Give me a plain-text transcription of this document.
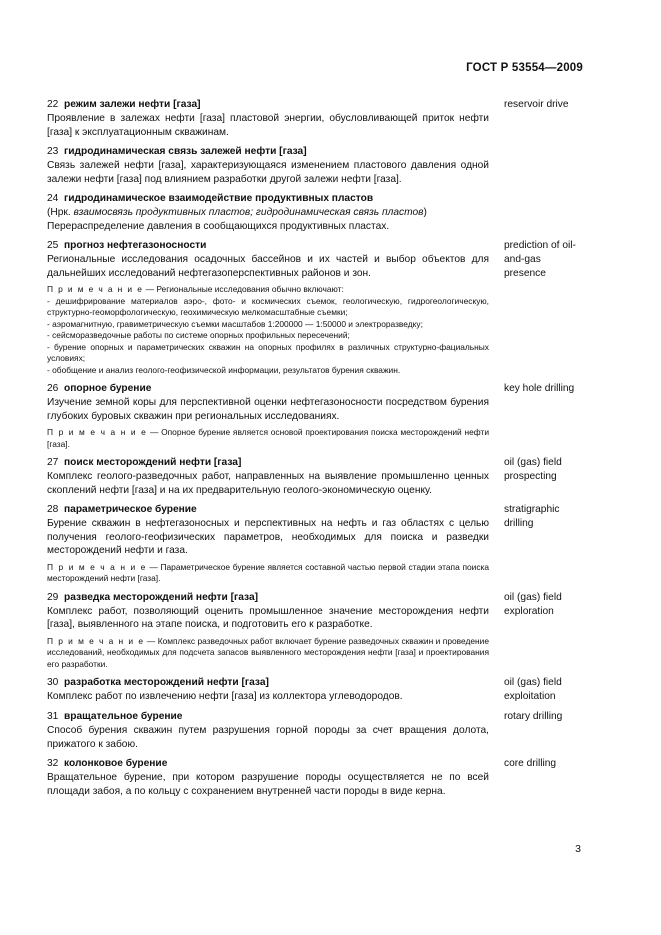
ГОСТ Р 53554—2009
22 режим залежи нефти [газа]

Проявление в залежах нефти [газа] пластовой энергии, обусловливающей приток нефти [газа] к эксплуатационным скважинам.

reservoir drive
23 гидродинамическая связь залежей нефти [газа]

Связь залежей нефти [газа], характеризующаяся изменением пластового давления одной залежи нефти [газа] под влиянием разработки другой залежи нефти [газа].

24 гидродинамическое взаимодействие продуктивных пластов

(Нрк. взаимосвязь продуктивных пластов; гидродинамическая связь пластов)

Перераспределение давления в сообщающихся продуктивных пластах.

25 прогноз нефтегазоносности

Региональные исследования осадочных бассейнов и их частей и выбор объектов для дальнейших исследований нефтегазоперспективных районов и зон.

П р и м е ч а н и е — Региональные исследования обычно включают:

- дешифрирование материалов аэро-, фото- и космических съемок, геологическую, гидрогеологическую, структурно-геоморфологическую, геохимическую мелкомасштабные съемки;

- аэромагнитную, гравиметрическую съемки масштабов 1:200000 — 1:50000 и электроразведку;

- сейсморазведочные работы по системе опорных профильных пересечений;

- бурение опорных и параметрических скважин на опорных профилях в различных структурно-фациальных условиях;

- обобщение и анализ геолого-геофизической информации, результатов бурения скважин.

prediction of oil-and-gas presence
26 опорное бурение

Изучение земной коры для перспективной оценки нефтегазоносности посредством бурения глубоких буровых скважин при региональных исследованиях.

П р и м е ч а н и е — Опорное бурение является основой проектирования поиска месторождений нефти [газа].

key hole drilling
27 поиск месторождений нефти [газа]

Комплекс геолого-разведочных работ, направленных на выявление промышленно ценных скоплений нефти [газа] и на их предварительную геолого-экономическую оценку.

oil (gas) field prospecting
28 параметрическое бурение

Бурение скважин в нефтегазоносных и перспективных на нефть и газ областях с целью получения геолого-геофизических параметров, необходимых для поиска и разведки месторождений нефти и газа.

П р и м е ч а н и е — Параметрическое бурение является составной частью первой стадии этапа поиска месторождений нефти [газа].

stratigraphic drilling
29 разведка месторождений нефти [газа]

Комплекс работ, позволяющий оценить промышленное значение месторождения нефти [газа], выявленного на этапе поиска, и подготовить его к разработке.

П р и м е ч а н и е — Комплекс разведочных работ включает бурение разведочных скважин и проведение исследований, необходимых для подсчета запасов выявленного месторождения нефти [газа] и проектирования его разработки.

oil (gas) field exploration
30 разработка месторождений нефти [газа]

Комплекс работ по извлечению нефти [газа] из коллектора углеводородов.

oil (gas) field exploitation
31 вращательное бурение

Способ бурения скважин путем разрушения горной породы за счет вращения долота, прижатого к забою.

rotary drilling
32 колонковое бурение

Вращательное бурение, при котором разрушение породы осуществляется не по всей площади забоя, а по кольцу с сохранением внутренней части породы в виде керна.

core drilling
3
